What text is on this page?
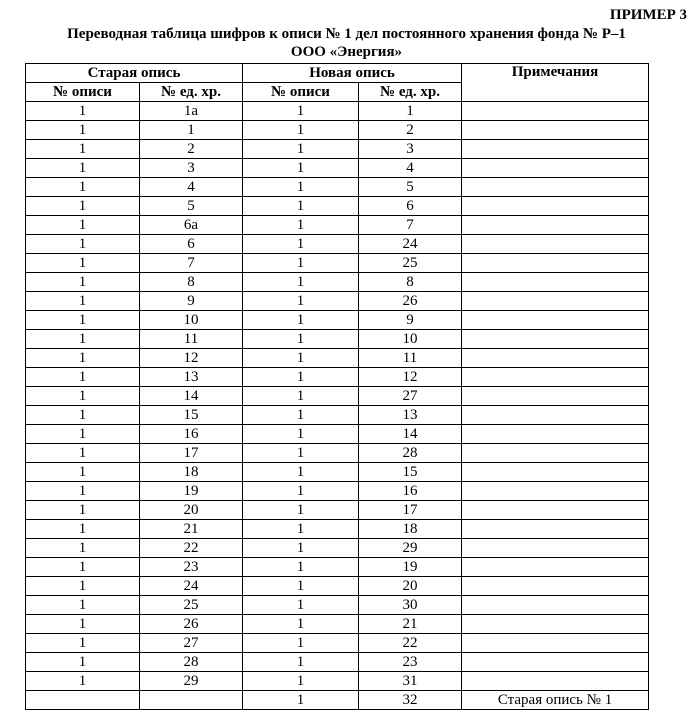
ПРИМЕР 3

Переводная таблица шифров к описи № 1 дел постоянного хранения фонда № Р–1

ООО «Энергия»

Старая опись		Новая опись		Примечания
№ описи	№ ед. хр.	№ описи	№ ед. хр.	
1	1а	1	1	
1	1	1	2	
1	2	1	3	
1	3	1	4	
1	4	1	5	
1	5	1	6	
1	6а	1	7	
1	6	1	24	
1	7	1	25	
1	8	1	8	
1	9	1	26	
1	10	1	9	
1	11	1	10	
1	12	1	11	
1	13	1	12	
1	14	1	27	
1	15	1	13	
1	16	1	14	
1	17	1	28	
1	18	1	15	
1	19	1	16	
1	20	1	17	
1	21	1	18	
1	22	1	29	
1	23	1	19	
1	24	1	20	
1	25	1	30	
1	26	1	21	
1	27	1	22	
1	28	1	23	
1	29	1	31	
		1	32	Старая опись № 1
